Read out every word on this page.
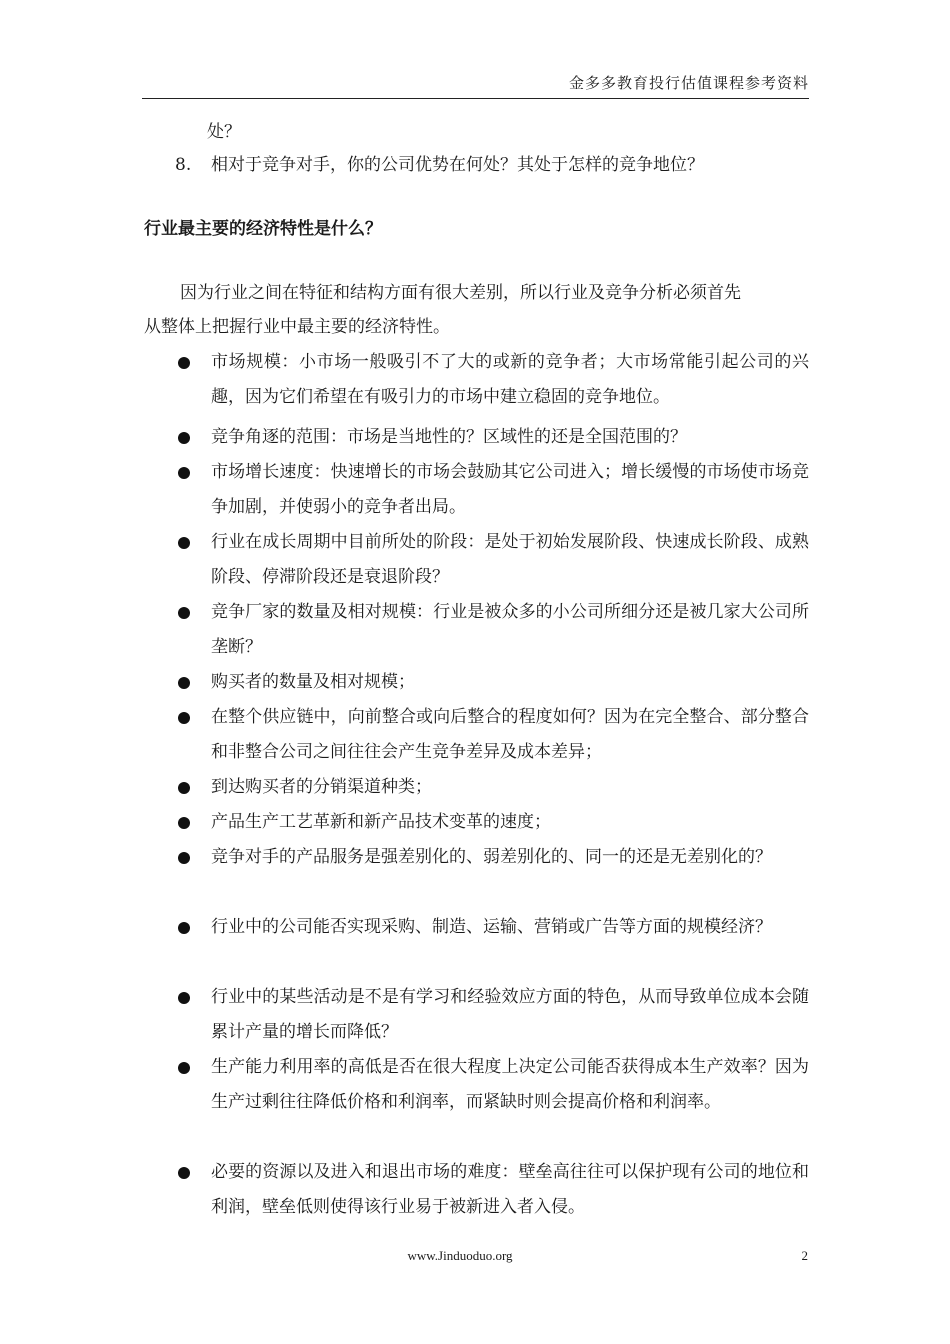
金多多教育投行估值课程参考资料
处？
8. 相对于竞争对手，你的公司优势在何处？其处于怎样的竞争地位？
行业最主要的经济特性是什么？
因为行业之间在特征和结构方面有很大差别，所以行业及竞争分析必须首先
从整体上把握行业中最主要的经济特性。
市场规模：小市场一般吸引不了大的或新的竞争者；大市场常能引起公司的兴趣，因为它们希望在有吸引力的市场中建立稳固的竞争地位。
竞争角逐的范围：市场是当地性的？区域性的还是全国范围的？
市场增长速度：快速增长的市场会鼓励其它公司进入；增长缓慢的市场使市场竞争加剧，并使弱小的竞争者出局。
行业在成长周期中目前所处的阶段：是处于初始发展阶段、快速成长阶段、成熟阶段、停滞阶段还是衰退阶段？
竞争厂家的数量及相对规模：行业是被众多的小公司所细分还是被几家大公司所垄断？
购买者的数量及相对规模；
在整个供应链中，向前整合或向后整合的程度如何？因为在完全整合、部分整合和非整合公司之间往往会产生竞争差异及成本差异；
到达购买者的分销渠道种类；
产品生产工艺革新和新产品技术变革的速度；
竞争对手的产品服务是强差别化的、弱差别化的、同一的还是无差别化的？
行业中的公司能否实现采购、制造、运输、营销或广告等方面的规模经济？
行业中的某些活动是不是有学习和经验效应方面的特色，从而导致单位成本会随累计产量的增长而降低？
生产能力利用率的高低是否在很大程度上决定公司能否获得成本生产效率？因为生产过剩往往降低价格和利润率，而紧缺时则会提高价格和利润率。
必要的资源以及进入和退出市场的难度：壁垒高往往可以保护现有公司的地位和利润，壁垒低则使得该行业易于被新进入者入侵。
www.Jinduoduo.org	2
